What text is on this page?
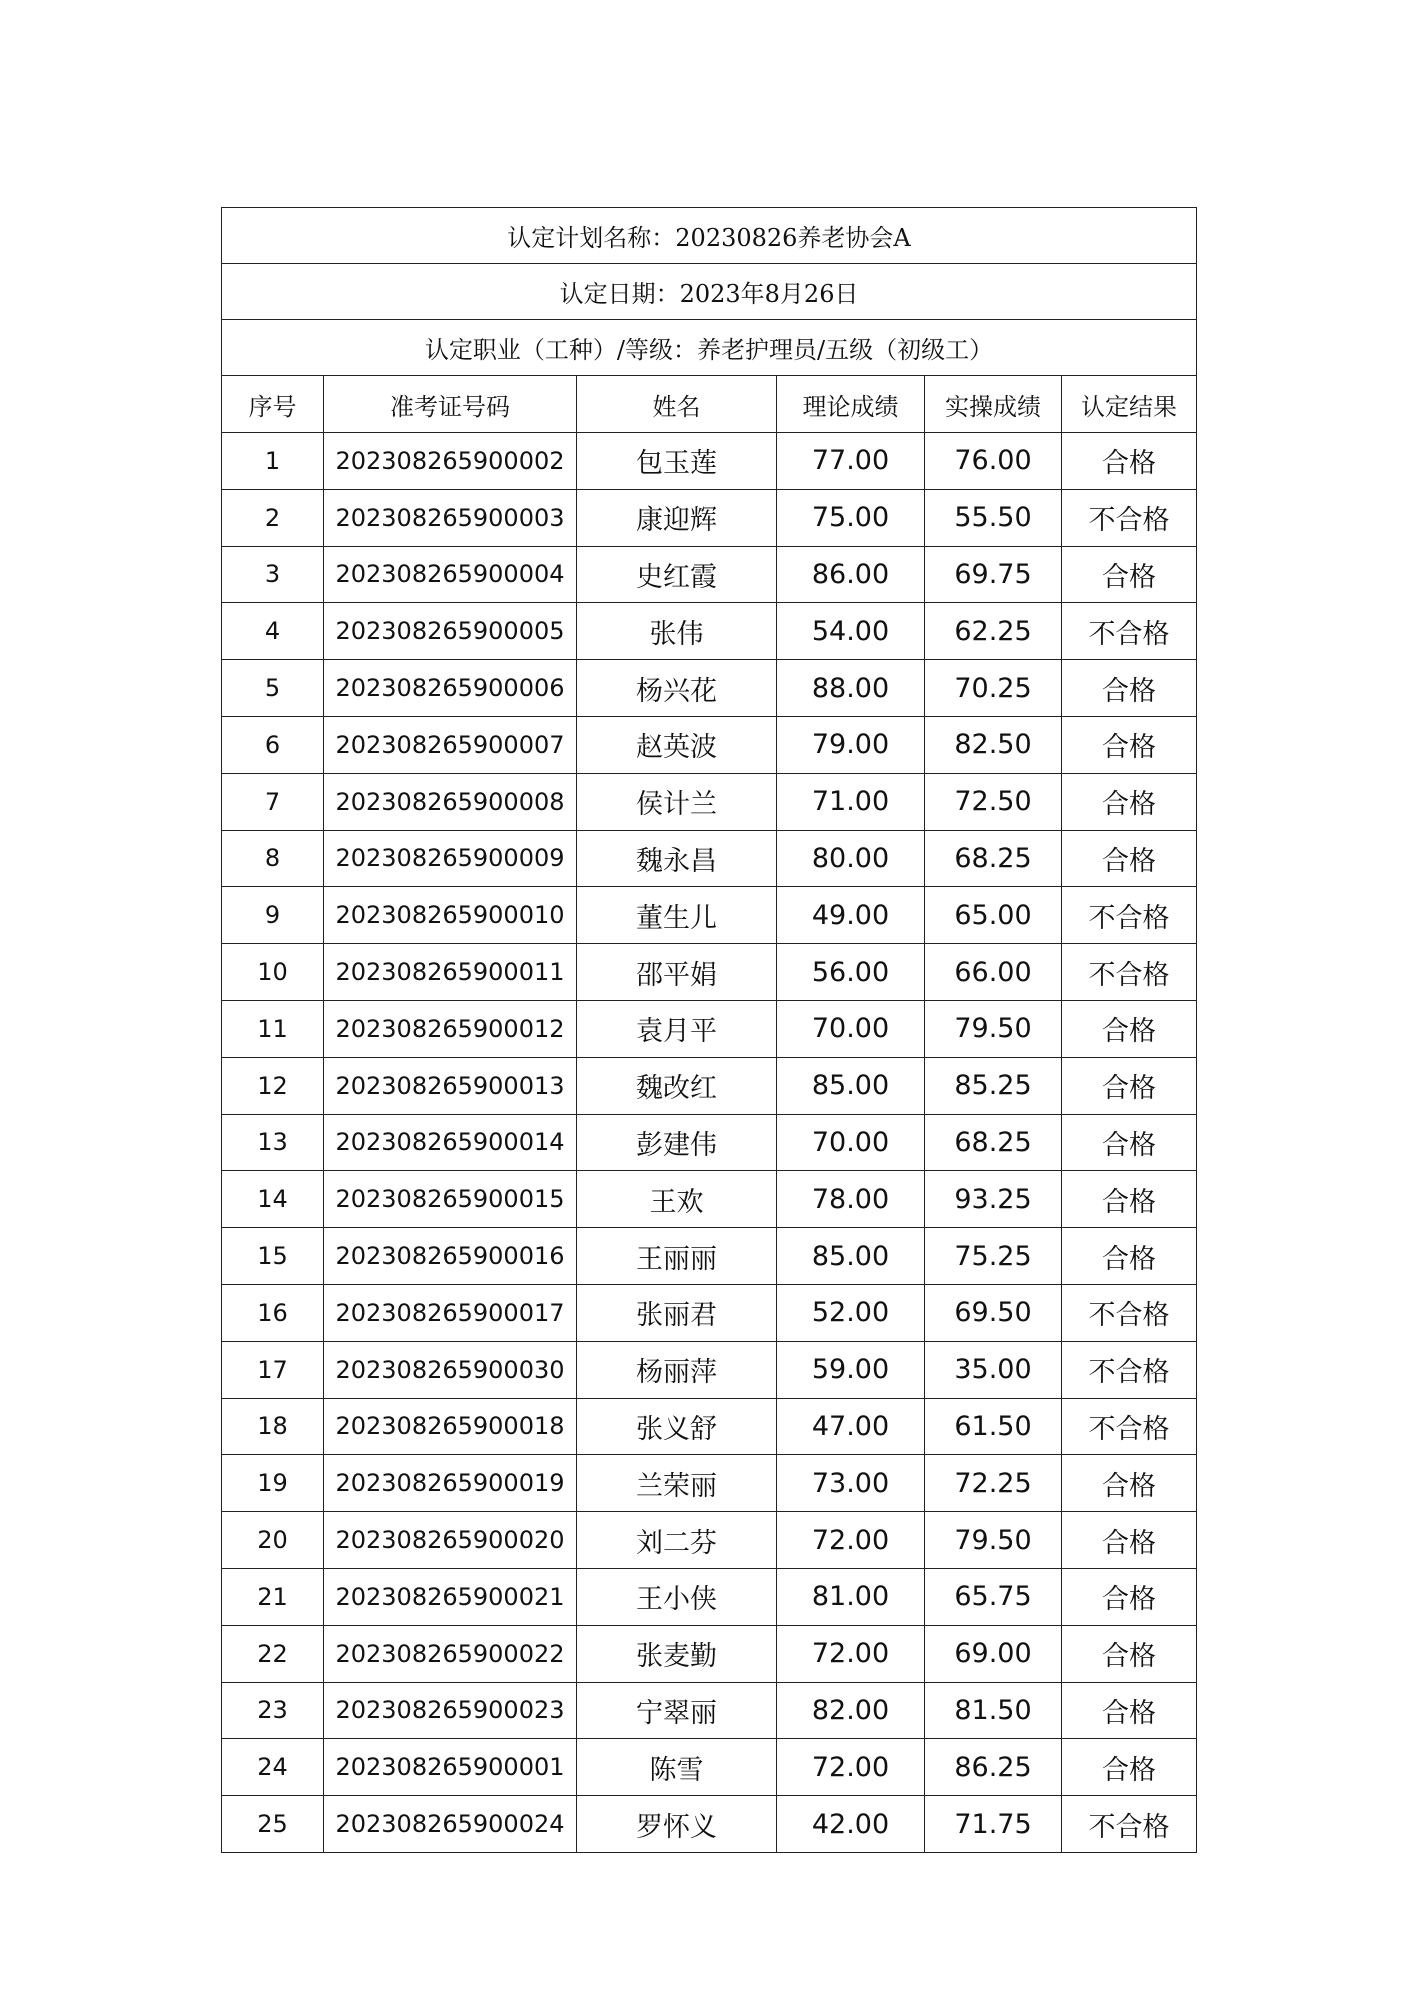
认定计划名称：20230826养老协会A					
认定日期：2023年8月26日					
认定职业（工种）/等级：养老护理员/五级（初级工）					
序号	准考证号码	姓名	理论成绩	实操成绩	认定结果
1	202308265900002	包玉莲	77.00	76.00	合格
2	202308265900003	康迎辉	75.00	55.50	不合格
3	202308265900004	史红霞	86.00	69.75	合格
4	202308265900005	张伟	54.00	62.25	不合格
5	202308265900006	杨兴花	88.00	70.25	合格
6	202308265900007	赵英波	79.00	82.50	合格
7	202308265900008	侯计兰	71.00	72.50	合格
8	202308265900009	魏永昌	80.00	68.25	合格
9	202308265900010	董生儿	49.00	65.00	不合格
10	202308265900011	邵平娟	56.00	66.00	不合格
11	202308265900012	袁月平	70.00	79.50	合格
12	202308265900013	魏改红	85.00	85.25	合格
13	202308265900014	彭建伟	70.00	68.25	合格
14	202308265900015	王欢	78.00	93.25	合格
15	202308265900016	王丽丽	85.00	75.25	合格
16	202308265900017	张丽君	52.00	69.50	不合格
17	202308265900030	杨丽萍	59.00	35.00	不合格
18	202308265900018	张义舒	47.00	61.50	不合格
19	202308265900019	兰荣丽	73.00	72.25	合格
20	202308265900020	刘二芬	72.00	79.50	合格
21	202308265900021	王小侠	81.00	65.75	合格
22	202308265900022	张麦勤	72.00	69.00	合格
23	202308265900023	宁翠丽	82.00	81.50	合格
24	202308265900001	陈雪	72.00	86.25	合格
25	202308265900024	罗怀义	42.00	71.75	不合格
